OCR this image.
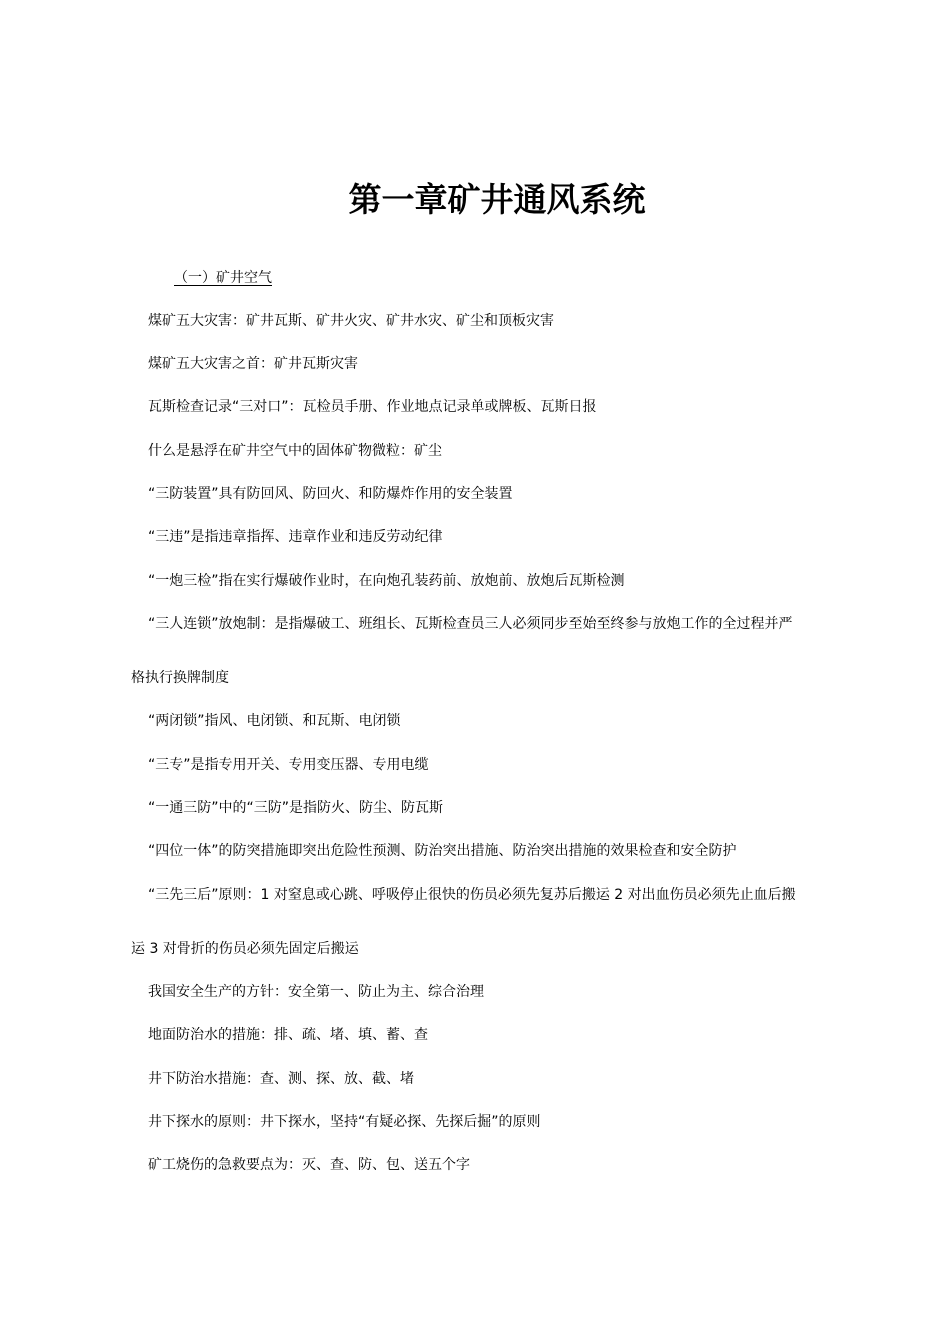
第一章矿井通风系统
（一）矿井空气
煤矿五大灾害：矿井瓦斯、矿井火灾、矿井水灾、矿尘和顶板灾害
煤矿五大灾害之首：矿井瓦斯灾害
瓦斯检查记录“三对口”：瓦检员手册、作业地点记录单或牌板、瓦斯日报
什么是悬浮在矿井空气中的固体矿物微粒：矿尘
“三防装置”具有防回风、防回火、和防爆炸作用的安全装置
“三违”是指违章指挥、违章作业和违反劳动纪律
“一炮三检”指在实行爆破作业时，在向炮孔装药前、放炮前、放炮后瓦斯检测
“三人连锁”放炮制：是指爆破工、班组长、瓦斯检查员三人必须同步至始至终参与放炮工作的全过程并严
格执行换牌制度
“两闭锁”指风、电闭锁、和瓦斯、电闭锁
“三专”是指专用开关、专用变压器、专用电缆
“一通三防”中的“三防”是指防火、防尘、防瓦斯
“四位一体”的防突措施即突出危险性预测、防治突出措施、防治突出措施的效果检查和安全防护
“三先三后”原则：1 对窒息或心跳、呼吸停止很快的伤员必须先复苏后搬运 2 对出血伤员必须先止血后搬
运 3 对骨折的伤员必须先固定后搬运
我国安全生产的方针：安全第一、防止为主、综合治理
地面防治水的措施：排、疏、堵、填、蓄、查
井下防治水措施：查、测、探、放、截、堵
井下探水的原则：井下探水，坚持“有疑必探、先探后掘”的原则
矿工烧伤的急救要点为：灭、查、防、包、送五个字
